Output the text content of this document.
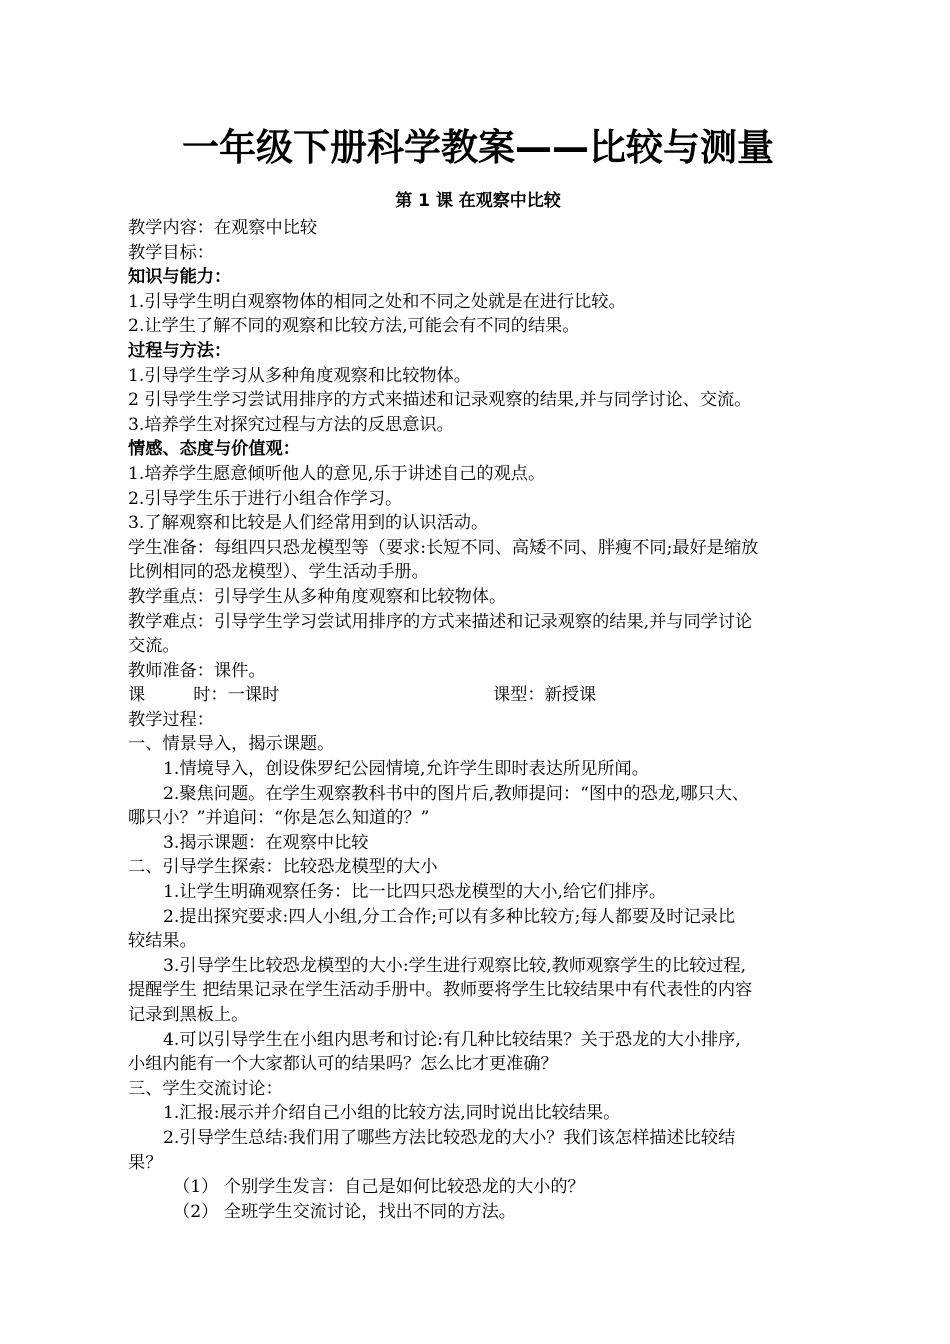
一年级下册科学教案——比较与测量
第 1 课 在观察中比较
教学内容：在观察中比较
教学目标：
知识与能力：
1.引导学生明白观察物体的相同之处和不同之处就是在进行比较。
2.让学生了解不同的观察和比较方法,可能会有不同的结果。
过程与方法：
1.引导学生学习从多种角度观察和比较物体。
2 引导学生学习尝试用排序的方式来描述和记录观察的结果,并与同学讨论、交流。
3.培养学生对探究过程与方法的反思意识。
情感、态度与价值观：
1.培养学生愿意倾听他人的意见,乐于讲述自己的观点。
2.引导学生乐于进行小组合作学习。
3.了解观察和比较是人们经常用到的认识活动。
学生准备：每组四只恐龙模型等（要求:长短不同、高矮不同、胖瘦不同;最好是缩放
比例相同的恐龙模型）、学生活动手册。
教学重点：引导学生从多种角度观察和比较物体。
教学难点：引导学生学习尝试用排序的方式来描述和记录观察的结果,并与同学讨论
交流。
教师准备：课件。
课	时：一课时	课型：新授课
教学过程：
一、情景导入，揭示课题。
1.情境导入，创设侏罗纪公园情境,允许学生即时表达所见所闻。
2.聚焦问题。在学生观察教科书中的图片后,教师提问：“图中的恐龙,哪只大、
哪只小？”并追问：“你是怎么知道的？”
3.揭示课题：在观察中比较
二、引导学生探索：比较恐龙模型的大小
1.让学生明确观察任务：比一比四只恐龙模型的大小,给它们排序。
2.提出探究要求:四人小组,分工合作;可以有多种比较方;每人都要及时记录比
较结果。
3.引导学生比较恐龙模型的大小:学生进行观察比较,教师观察学生的比较过程,
提醒学生 把结果记录在学生活动手册中。教师要将学生比较结果中有代表性的内容
记录到黑板上。
4.可以引导学生在小组内思考和讨论:有几种比较结果？关于恐龙的大小排序,
小组内能有一个大家都认可的结果吗？怎么比才更准确？
三、学生交流讨论：
1.汇报:展示并介绍自己小组的比较方法,同时说出比较结果。
2.引导学生总结:我们用了哪些方法比较恐龙的大小？我们该怎样描述比较结
果？
（1） 个别学生发言：自己是如何比较恐龙的大小的？
（2） 全班学生交流讨论，找出不同的方法。
